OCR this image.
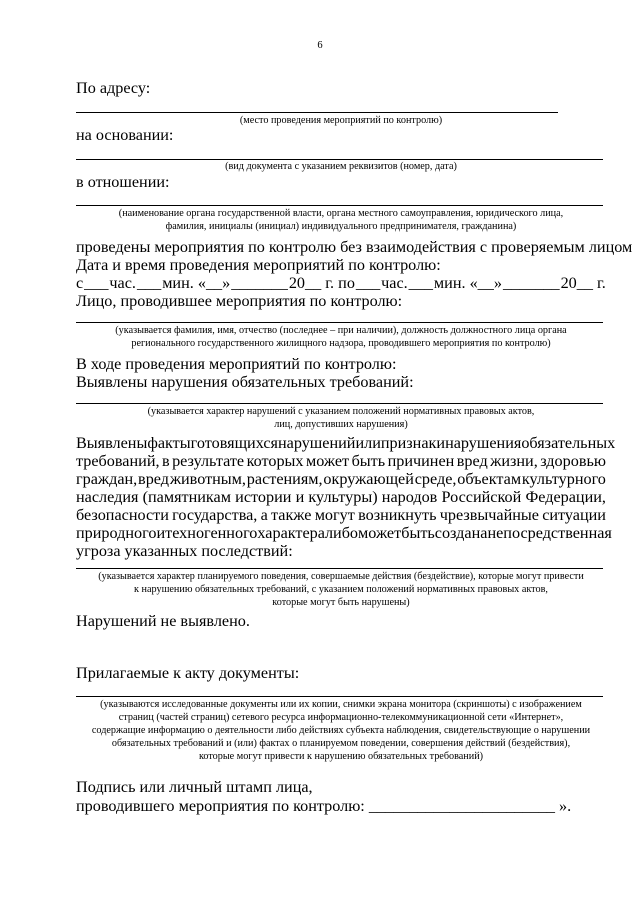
6
По адресу:
(место проведения мероприятий по контролю)
на основании:
(вид документа с указанием реквизитов (номер, дата)
в отношении:
(наименование органа государственной власти, органа местного самоуправления, юридического лица,
фамилия, инициалы (инициал) индивидуального предпринимателя, гражданина)
проведены мероприятия по контролю без взаимодействия с проверяемым лицом
Дата и время проведения мероприятий по контролю:
с ___ час. ___ мин. «__» _______ 20__ г. по ___ час. ___ мин. «__» _______ 20__ г.
Лицо, проводившее мероприятия по контролю:
(указывается фамилия, имя, отчество (последнее – при наличии), должность должностного лица органа
регионального государственного жилищного надзора, проводившего мероприятия по контролю)
В ходе проведения мероприятий по контролю:
Выявлены нарушения обязательных требований:
(указывается характер нарушений с указанием положений нормативных правовых актов,
лиц, допустивших нарушения)
Выявлены факты готовящихся нарушений или признаки нарушения обязательных
требований, в результате которых может быть причинен вред жизни, здоровью
граждан, вред животным, растениям, окружающей среде, объектам культурного
наследия (памятникам истории и культуры) народов Российской Федерации,
безопасности государства, а также могут возникнуть чрезвычайные ситуации
природного и техногенного характера либо может быть создана непосредственная
угроза указанных последствий:
(указывается характер планируемого поведения, совершаемые действия (бездействие), которые могут привести
к нарушению обязательных требований, с указанием положений нормативных правовых актов,
которые могут быть нарушены)
Нарушений не выявлено.
Прилагаемые к акту документы:
(указываются исследованные документы или их копии, снимки экрана монитора (скриншоты) с изображением
страниц (частей страниц) сетевого ресурса информационно-телекоммуникационной сети «Интернет»,
содержащие информацию о деятельности либо действиях субъекта наблюдения, свидетельствующие о нарушении
обязательных требований и (или) фактах о планируемом поведении, совершения действий (бездействия),
которые могут привести к нарушению обязательных требований)
Подпись или личный штамп лица,
проводившего мероприятия по контролю: _______________________ ».
